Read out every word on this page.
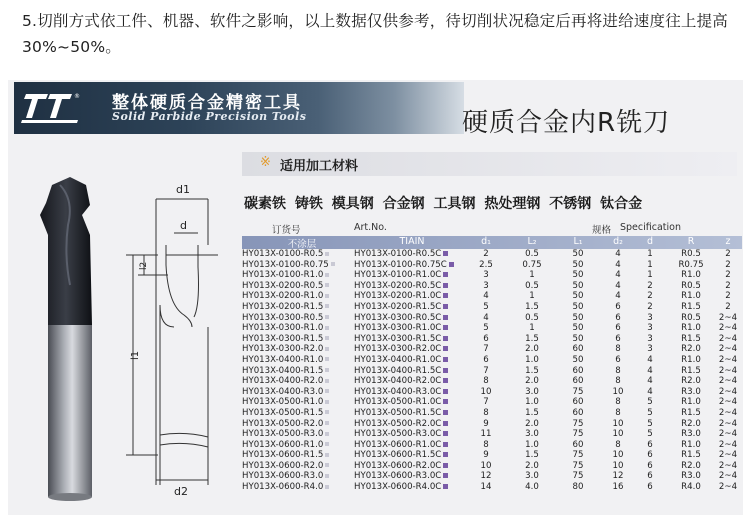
5.切削方式依工件、机器、软件之影响，以上数据仅供参考，待切削状况稳定后再将进给速度往上提高30%~50%。

® 整体硬质合金精密工具
Solid Parbide Precision Tools	硬质合金内R铣刀
※ 适用加工材料
碳素铁 铸铁 模具钢 合金钢 工具钢 热处理钢 不锈钢 钛合金
d1
d
l2
l1
d2
订货号	Art.No.	规格 Specification
不涂层	TIAIN	d₁	L₂	L₁	d₂	d	R	z
HY013X-0100-R0.5	HY013X-0100-R0.5C	2	0.5	50	4	1	R0.5	2
HY013X-0100-R0.75	HY013X-0100-R0.75C	2.5	0.75	50	4	1	R0.75	2
HY013X-0100-R1.0	HY013X-0100-R1.0C	3	1	50	4	1	R1.0	2
HY013X-0200-R0.5	HY013X-0200-R0.5C	3	0.5	50	4	2	R0.5	2
HY013X-0200-R1.0	HY013X-0200-R1.0C	4	1	50	4	2	R1.0	2
HY013X-0200-R1.5	HY013X-0200-R1.5C	5	1.5	50	6	2	R1.5	2
HY013X-0300-R0.5	HY013X-0300-R0.5C	4	0.5	50	6	3	R0.5	2~4
HY013X-0300-R1.0	HY013X-0300-R1.0C	5	1	50	6	3	R1.0	2~4
HY013X-0300-R1.5	HY013X-0300-R1.5C	6	1.5	50	6	3	R1.5	2~4
HY013X-0300-R2.0	HY013X-0300-R2.0C	7	2.0	60	8	3	R2.0	2~4
HY013X-0400-R1.0	HY013X-0400-R1.0C	6	1.0	50	6	4	R1.0	2~4
HY013X-0400-R1.5	HY013X-0400-R1.5C	7	1.5	60	8	4	R1.5	2~4
HY013X-0400-R2.0	HY013X-0400-R2.0C	8	2.0	60	8	4	R2.0	2~4
HY013X-0400-R3.0	HY013X-0400-R3.0C	10	3.0	75	10	4	R3.0	2~4
HY013X-0500-R1.0	HY013X-0500-R1.0C	7	1.0	60	8	5	R1.0	2~4
HY013X-0500-R1.5	HY013X-0500-R1.5C	8	1.5	60	8	5	R1.5	2~4
HY013X-0500-R2.0	HY013X-0500-R2.0C	9	2.0	75	10	5	R2.0	2~4
HY013X-0500-R3.0	HY013X-0500-R3.0C	11	3.0	75	10	5	R3.0	2~4
HY013X-0600-R1.0	HY013X-0600-R1.0C	8	1.0	60	8	6	R1.0	2~4
HY013X-0600-R1.5	HY013X-0600-R1.5C	9	1.5	75	10	6	R1.5	2~4
HY013X-0600-R2.0	HY013X-0600-R2.0C	10	2.0	75	10	6	R2.0	2~4
HY013X-0600-R3.0	HY013X-0600-R3.0C	12	3.0	75	12	6	R3.0	2~4
HY013X-0600-R4.0	HY013X-0600-R4.0C	14	4.0	80	16	6	R4.0	2~4
